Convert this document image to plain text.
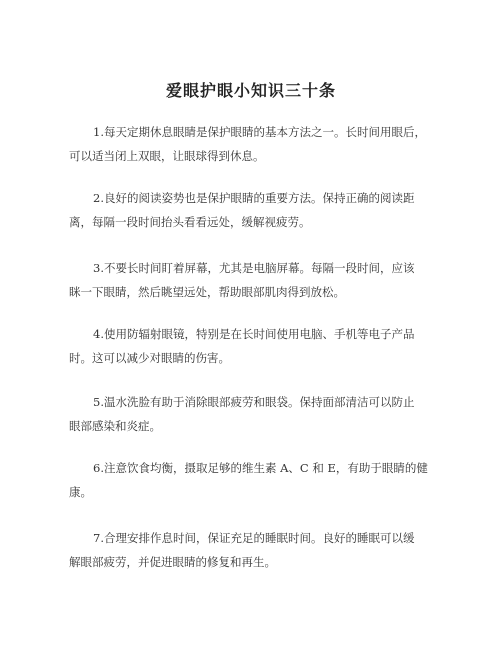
爱眼护眼小知识三十条

1.每天定期休息眼睛是保护眼睛的基本方法之一。长时间用眼后，
可以适当闭上双眼，让眼球得到休息。

2.良好的阅读姿势也是保护眼睛的重要方法。保持正确的阅读距
离，每隔一段时间抬头看看远处，缓解视疲劳。

3.不要长时间盯着屏幕，尤其是电脑屏幕。每隔一段时间，应该
眯一下眼睛，然后眺望远处，帮助眼部肌肉得到放松。

4.使用防辐射眼镜，特别是在长时间使用电脑、手机等电子产品
时。这可以减少对眼睛的伤害。

5.温水洗脸有助于消除眼部疲劳和眼袋。保持面部清洁可以防止
眼部感染和炎症。

6.注意饮食均衡，摄取足够的维生素 A、C 和 E，有助于眼睛的健
康。

7.合理安排作息时间，保证充足的睡眠时间。良好的睡眠可以缓
解眼部疲劳，并促进眼睛的修复和再生。
